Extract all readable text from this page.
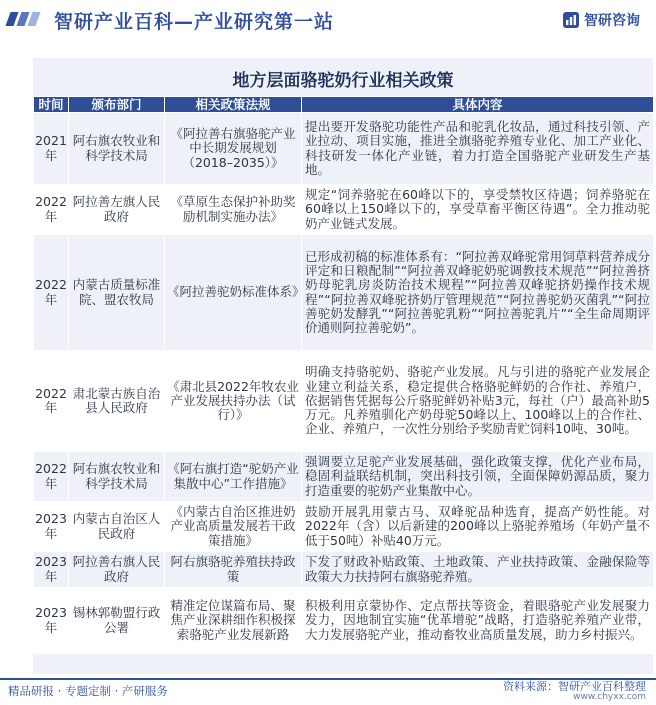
智研产业百科—产业研究第一站	智研咨询
地方层面骆驼奶行业相关政策
时间	颁布部门	相关政策法规	具体内容
2021年	阿右旗农牧业和科学技术局	《阿拉善右旗骆驼产业中长期发展规划（2018–2035）》	提出要开发骆驼功能性产品和驼乳化妆品，通过科技引领、产业拉动、项目实施，推进全旗骆驼养殖专业化、加工产业化、科技研发一体化产业链，着力打造全国骆驼产业研发生产基地。
2022年	阿拉善左旗人民政府	《草原生态保护补助奖励机制实施办法》	规定“饲养骆驼在60峰以下的，享受禁牧区待遇；饲养骆驼在60峰以上150峰以下的，享受草畜平衡区待遇”。全力推动驼奶产业链式发展。
2022年	内蒙古质量标准院、盟农牧局	《阿拉善驼奶标准体系》	已形成初稿的标准体系有：“阿拉善双峰驼常用饲草料营养成分评定和日粮配制”“阿拉善双峰驼奶驼调教技术规范”“阿拉善挤奶母驼乳房炎防治技术规程”“阿拉善双峰驼挤奶操作技术规程”“阿拉善双峰驼挤奶厅管理规范”“阿拉善驼奶灭菌乳”“阿拉善驼奶发酵乳”“阿拉善驼乳粉”“阿拉善驼乳片”“全生命周期评价通则阿拉善驼奶”。
2022年	肃北蒙古族自治县人民政府	《肃北县2022年牧农业产业发展扶持办法（试行）》	明确支持骆驼奶、骆驼产业发展。凡与引进的骆驼产业发展企业建立利益关系，稳定提供合格骆驼鲜奶的合作社、养殖户，依据销售凭据每公斤骆驼鲜奶补贴3元，每社（户）最高补助5万元。凡养殖驯化产奶母驼50峰以上、100峰以上的合作社、企业、养殖户，一次性分别给予奖励青贮饲料10吨、30吨。
2022年	阿右旗农牧业和科学技术局	《阿右旗打造“驼奶产业集散中心”工作措施》	强调要立足驼产业发展基础，强化政策支撑，优化产业布局，稳固利益联结机制，突出科技引领，全面保障奶源品质，聚力打造重要的驼奶产业集散中心。
2023年	内蒙古自治区人民政府	《内蒙古自治区推进奶产业高质量发展若干政策措施》	鼓励开展乳用蒙古马、双峰驼品种选育，提高产奶性能。对2022年（含）以后新建的200峰以上骆驼养殖场（年奶产量不低于50吨）补贴40万元。
2023年	阿拉善右旗人民政府	阿右旗骆驼养殖扶持政策	下发了财政补贴政策、土地政策、产业扶持政策、金融保险等政策大力扶持阿右旗骆驼养殖。
2023年	锡林郭勒盟行政公署	精准定位谋篇布局、聚焦产业深耕细作积极探索骆驼产业发展新路	积极利用京蒙协作、定点帮扶等资金，着眼骆驼产业发展聚力发力，因地制宜实施“优革增驼”战略，打造骆驼养殖产业带，大力发展骆驼产业，推动畜牧业高质量发展，助力乡村振兴。
精品研报 · 专题定制 · 产研服务	资料来源：智研产业百科整理
www.chyxx.com
